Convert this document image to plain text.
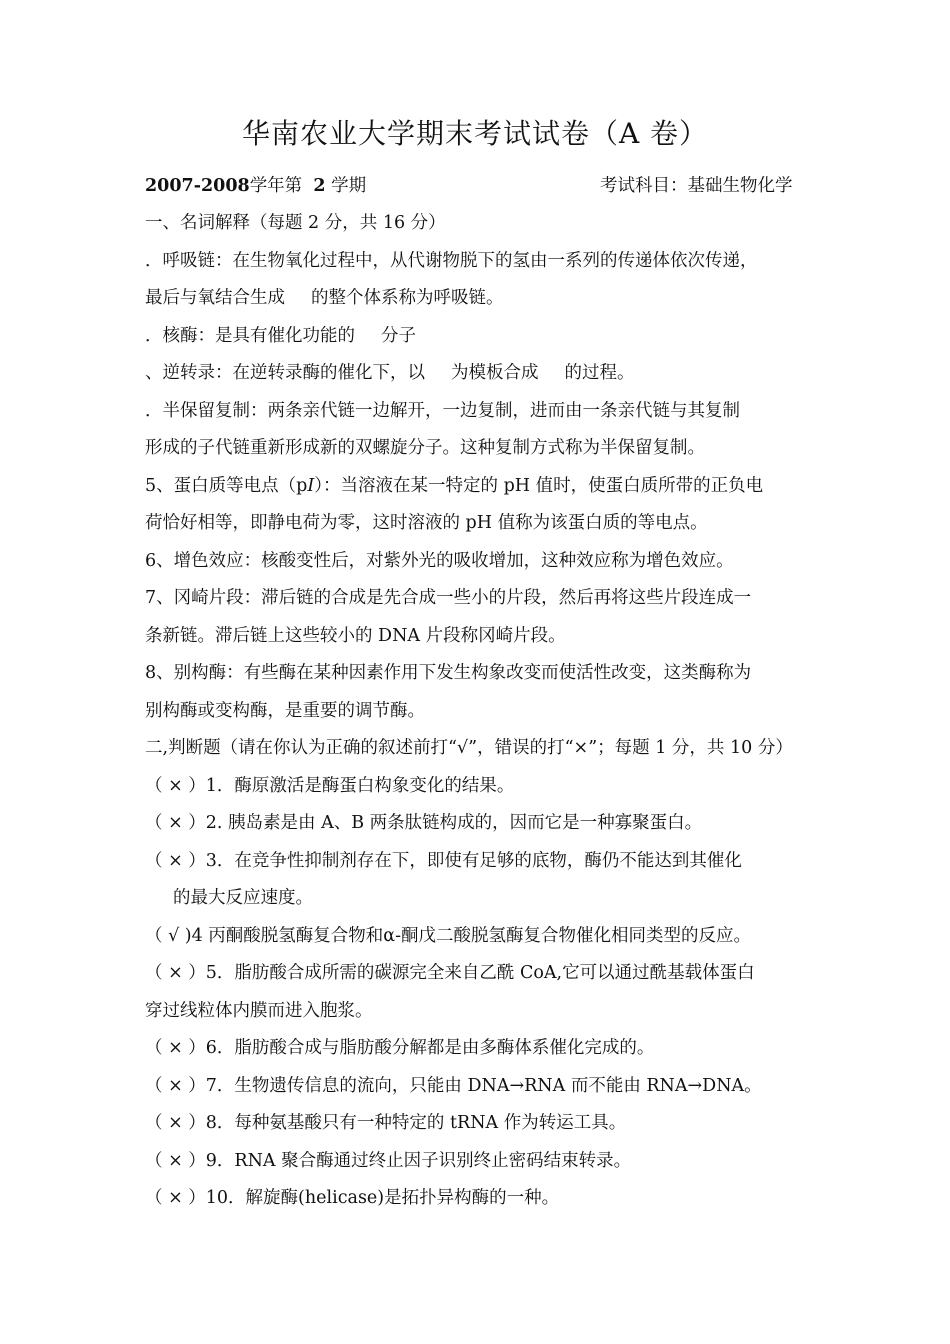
华南农业大学期末考试试卷（A 卷）
2007-2008学年第 2 学期	考试科目：基础生物化学
一、名词解释（每题 2 分，共 16 分）
．呼吸链：在生物氧化过程中，从代谢物脱下的氢由一系列的传递体依次传递，
最后与氧结合生成 的整个体系称为呼吸链。
．核酶：是具有催化功能的 分子
、逆转录：在逆转录酶的催化下，以 为模板合成 的过程。
．半保留复制：两条亲代链一边解开，一边复制，进而由一条亲代链与其复制
形成的子代链重新形成新的双螺旋分子。这种复制方式称为半保留复制。
5、蛋白质等电点（pI）：当溶液在某一特定的 pH 值时，使蛋白质所带的正负电
荷恰好相等，即静电荷为零，这时溶液的 pH 值称为该蛋白质的等电点。
6、增色效应：核酸变性后，对紫外光的吸收增加，这种效应称为增色效应。
7、冈崎片段：滞后链的合成是先合成一些小的片段，然后再将这些片段连成一
条新链。滞后链上这些较小的 DNA 片段称冈崎片段。
8、别构酶：有些酶在某种因素作用下发生构象改变而使活性改变，这类酶称为
别构酶或变构酶，是重要的调节酶。
二,判断题（请在你认为正确的叙述前打“√”，错误的打“×”；每题 1 分，共 10 分）
（ × ）1．酶原激活是酶蛋白构象变化的结果。
（ × ）2. 胰岛素是由 A、B 两条肽链构成的，因而它是一种寡聚蛋白。
（ × ）3．在竞争性抑制剂存在下，即使有足够的底物，酶仍不能达到其催化
的最大反应速度。
（ √ )4 丙酮酸脱氢酶复合物和α-酮戊二酸脱氢酶复合物催化相同类型的反应。
（ × ）5．脂肪酸合成所需的碳源完全来自乙酰 CoA,它可以通过酰基载体蛋白
穿过线粒体内膜而进入胞浆。
（ × ）6．脂肪酸合成与脂肪酸分解都是由多酶体系催化完成的。
（ × ）7．生物遗传信息的流向，只能由 DNA→RNA 而不能由 RNA→DNA。
（ × ）8．每种氨基酸只有一种特定的 tRNA 作为转运工具。
（ × ）9．RNA 聚合酶通过终止因子识别终止密码结束转录。
（ × ）10．解旋酶(helicase)是拓扑异构酶的一种。
